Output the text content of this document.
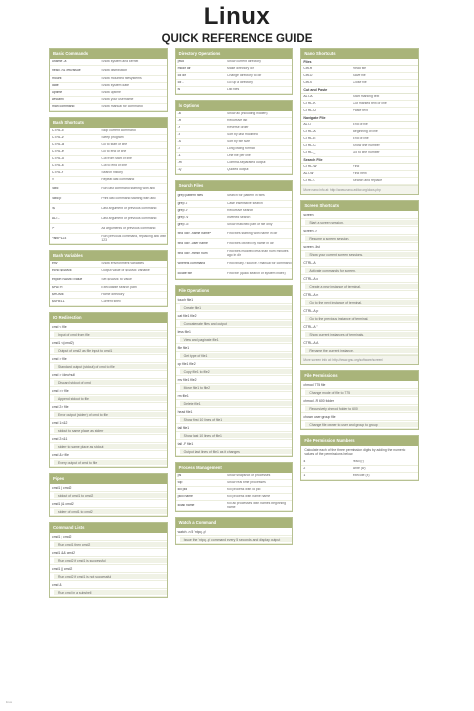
Linux
QUICK REFERENCE GUIDE
Basic Commands
uname -a	Show system and kernel
head -n1 /etc/issue	Show distribution
mount	Show mounted filesystems
date	Show system date
uptime	Show uptime
whoami	Show your username
man command	Show manual for command
Bash Shortcuts
CTRL-c	Stop current command
CTRL-z	Sleep program
CTRL-a	Go to start of line
CTRL-e	Go to end of line
CTRL-u	Cut from start of line
CTRL-k	Cut to end of line
CTRL-r	Search history
!!	Repeat last command
!abc	Run last command starting with abc
!abc:p	Print last command starting with abc
!$	Last argument of previous command
ALT-.	Last argument of previous command
!*	All arguments of previous command
^abc^123	Run previous command, replacing abc with 123
Bash Variables
env	Show environment variables
echo $NAME	Output value of $NAME variable
export NAME=value	Set $NAME to value
$PATH	Executable search path
$HOME	Home directory
$SHELL	Current shell
IO Redirection
cmd < file
Input of cmd from file
cmd1 <(cmd2)
Output of cmd2 as file input to cmd1
cmd > file
Standard output (stdout) of cmd to file
cmd > /dev/null
Discard stdout of cmd
cmd >> file
Append stdout to file
cmd 2> file
Error output (stderr) of cmd to file
cmd 1>&2
stdout to same place as stderr
cmd 2>&1
stderr to same place as stdout
cmd &> file
Every output of cmd to file
Pipes
cmd1 | cmd2
stdout of cmd1 to cmd2
cmd1 |& cmd2
stderr of cmd1 to cmd2
Command Lists
cmd1 ; cmd2
Run cmd1 then cmd2
cmd1 && cmd2
Run cmd2 if cmd1 is successful
cmd1 || cmd2
Run cmd2 if cmd1 is not successful
cmd &
Run cmd in a subshell
Directory Operations
pwd	Show current directory
mkdir dir	Make directory dir
cd dir	Change directory to dir
cd ..	Go up a directory
ls	List files
ls Options
-a	Show all (including hidden)
-R	Recursive list
-r	Reverse order
-t	Sort by last modified
-S	Sort by file size
-l	Long listing format
-1	One file per line
-m	Comma-separated output
-Q	Quoted output
Search Files
grep pattern files	Search for pattern in files
grep -i	Case insensitive search
grep -r	Recursive search
grep -v	Inverted search
grep -o	Show matched part of file only
find /dir/ -name name*	Find files starting with name in dir
find /dir/ -user name	Find files owned by name in dir
find /dir/ -mmin num	Find files modifed less than num minutes ago in dir
whereis command	Find binary / source / manual for command
locate file	Find file (quick search of system index)
File Operations
touch file1
Create file1
cat file1 file2
Concatenate files and output
less file1
View and paginate file1
file file1
Get type of file1
cp file1 file2
Copy file1 to file2
mv file1 file2
Move file1 to file2
rm file1
Delete file1
head file1
Show first 10 lines of file1
tail file1
Show last 10 lines of file1
tail -F file1
Output last lines of file1 as it changes
Process Management
ps	Show snapshot of processes
top	Show real time processes
kill pid	Kill process with id pid
pkill name	Kill process with name name
killall name	Kill all processes with names beginning name
Watch a Command
watch -n 5 'ntpq -p'
Issue the 'ntpq -p' command every 5 seconds and display output
Nano Shortcuts
Files
Ctrl-R	Read file
Ctrl-O	Save file
Ctrl-X	Close file
Cut and Paste
ALT-A	Start marking text
CTRL-K	Cut marked text or line
CTRL-U	Paste text
Navigate File
ALT-/	End of file
CTRL-A	Beginning of line
CTRL-E	End of line
CTRL-C	Show line number
CTRL-_	Go to line number
Search File
CTRL-W	Find
ALT-W	Find next
CTRL-\	Search and replace
More nano info at: http://www.nano-editor.org/docs.php
Screen Shortcuts
screen
Start a screen session.
screen -r
Resume a screen session.
screen -list
Show your current screen sessions.
CTRL-A
Activate commands for screen.
CTRL-A c
Create a new instance of terminal.
CTRL-A n
Go to the next instance of terminal.
CTRL-A p
Go to the previous instance of terminal.
CTRL-A "
Show current instances of terminals.
CTRL-A A
Rename the current instance.
More screen info at: http://www.gnu.org/software/screen/
File Permissions
chmod 775 file
Change mode of file to 775
chmod -R 600 folder
Recursively chmod folder to 600
chown user:group file
Change file owner to user and group to group
File Permission Numbers
Calculate each of the three permission digits by adding the numeric values of the permissions below.
4	read (r)
2	write (w)
1	execute (x)
linux
